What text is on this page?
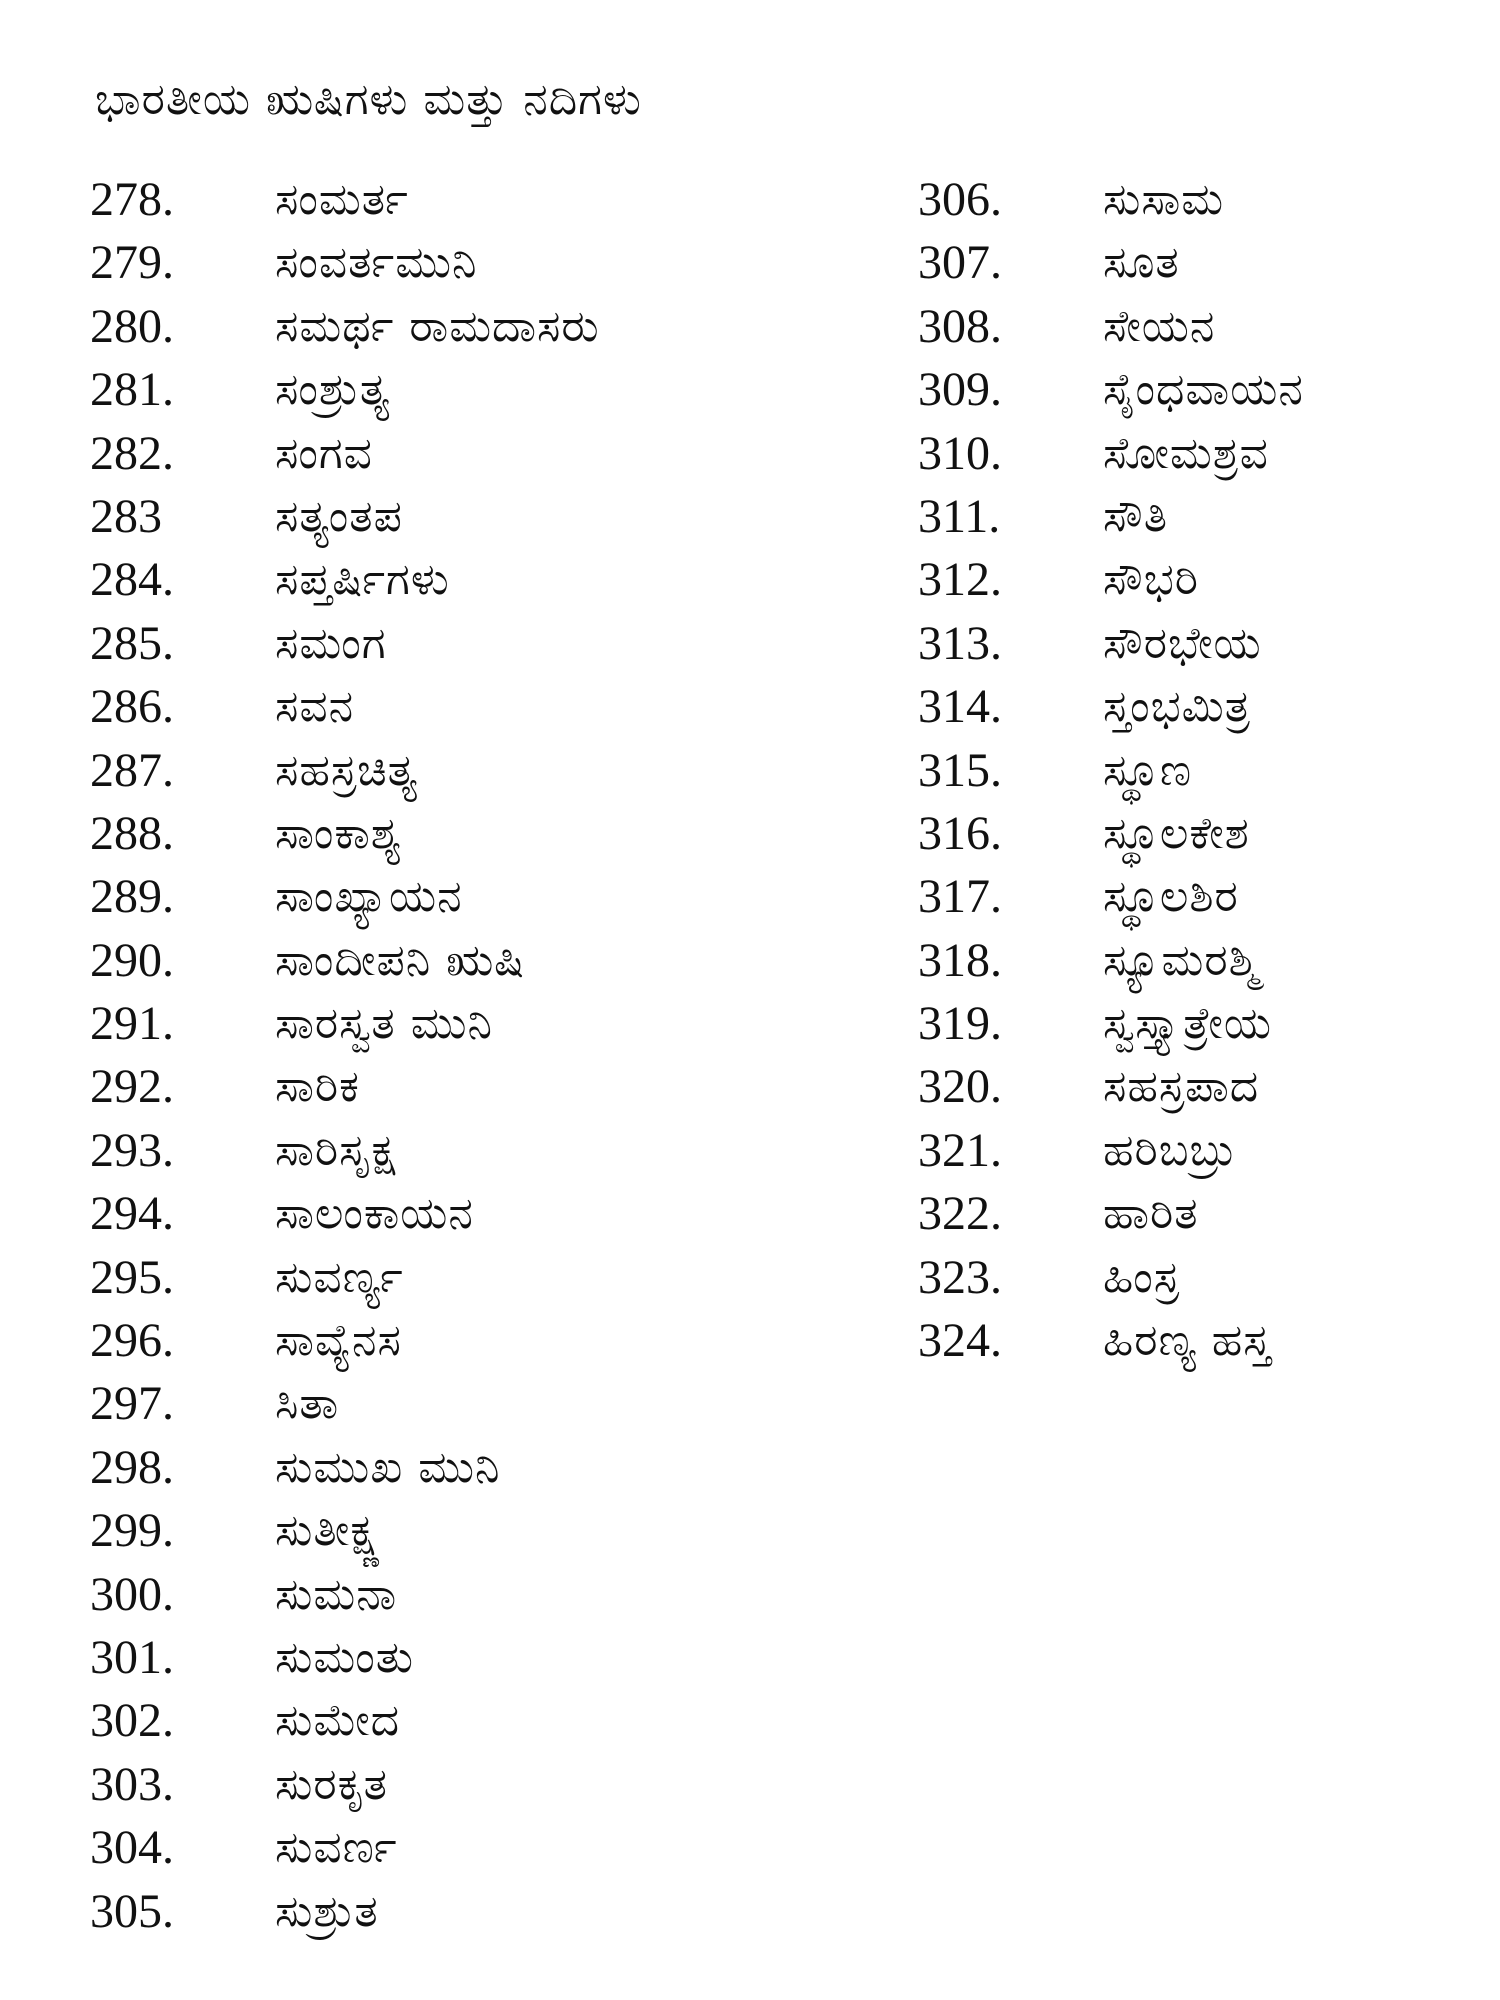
ಭಾರತೀಯ ಋಷಿಗಳು ಮತ್ತು ನದಿಗಳು
278. ಸಂಮರ್ತ
279. ಸಂವರ್ತಮುನಿ
280. ಸಮರ್ಥ ರಾಮದಾಸರು
281. ಸಂಶ್ರುತ್ಯ
282. ಸಂಗವ
283	ಸತ್ಯಂತಪ
284. ಸಪ್ತರ್ಷಿಗಳು
285. ಸಮಂಗ
286. ಸವನ
287. ಸಹಸ್ರಚಿತ್ಯ
288. ಸಾಂಕಾಶ್ಯ
289. ಸಾಂಖ್ಯಾಯನ
290. ಸಾಂದೀಪನಿ ಋಷಿ
291. ಸಾರಸ್ವತ ಮುನಿ
292. ಸಾರಿಕ
293. ಸಾರಿಸೃಕ್ಷ
294. ಸಾಲಂಕಾಯನ
295. ಸುವರ್ಣ್ಯ
296. ಸಾವ್ಯೆನಸ
297. ಸಿತಾ
298. ಸುಮುಖ ಮುನಿ
299. ಸುತೀಕ್ಷ್ಣ
300. ಸುಮನಾ
301. ಸುಮಂತು
302. ಸುಮೇದ
303. ಸುರಕೃತ
304. ಸುವರ್ಣ
305. ಸುಶ್ರುತ
306. ಸುಸಾಮ
307. ಸೂತ
308. ಸೇಯನ
309. ಸೈಂಧವಾಯನ
310. ಸೋಮಶ್ರವ
311. ಸೌತಿ
312. ಸೌಭರಿ
313. ಸೌರಭೇಯ
314. ಸ್ತಂಭಮಿತ್ರ
315. ಸ್ಥೂಣ
316. ಸ್ಥೂಲಕೇಶ
317. ಸ್ಥೂಲಶಿರ
318. ಸ್ಯೂಮರಶ್ಮಿ
319. ಸ್ವಸ್ತ್ಯಾತ್ರೇಯ
320. ಸಹಸ್ರಪಾದ
321. ಹರಿಬಬ್ರು
322. ಹಾರಿತ
323. ಹಿಂಸ್ರ
324. ಹಿರಣ್ಯ ಹಸ್ತ
